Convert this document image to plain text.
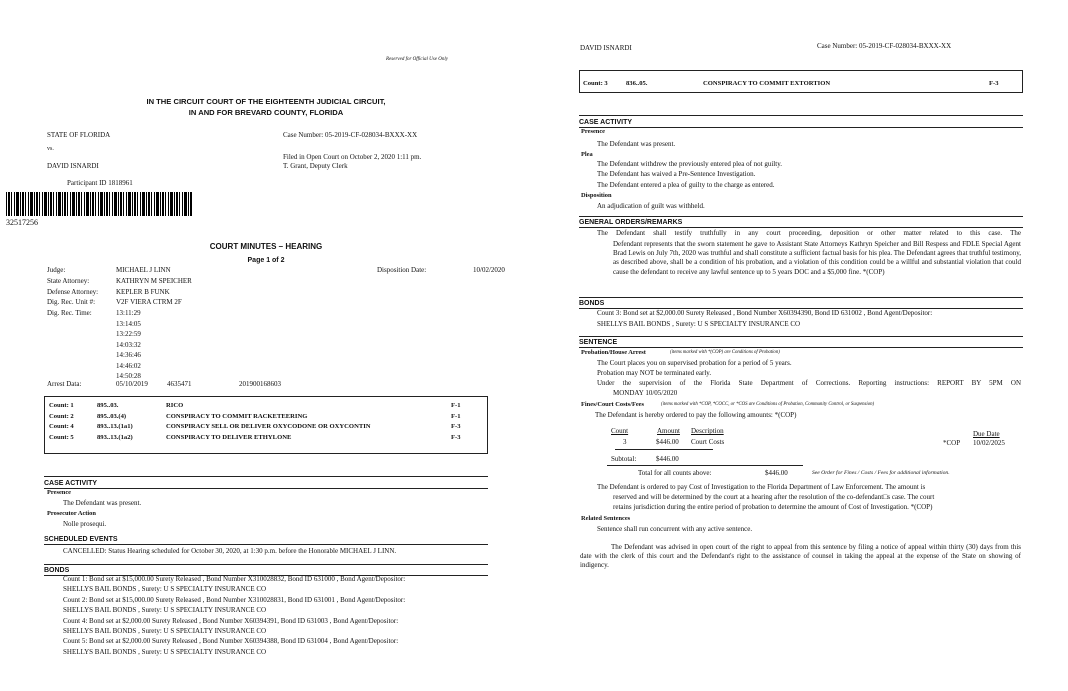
Reserved for Official Use Only
IN THE CIRCUIT COURT OF THE EIGHTEENTH JUDICIAL CIRCUIT,
IN AND FOR BREVARD COUNTY, FLORIDA
STATE OF FLORIDA
vs.
DAVID ISNARDI
Participant ID 1818961
Case Number: 05-2019-CF-028034-BXXX-XX
Filed in Open Court on October 2, 2020 1:11 pm.
T. Grant, Deputy Clerk
32517256
COURT MINUTES – HEARING
Page 1 of 2
Judge:	MICHAEL J LINN	Disposition Date:	10/02/2020
State Attorney:	KATHRYN M SPEICHER
Defense Attorney:	KEPLER B FUNK
Dig. Rec. Unit #:	V2F VIERA CTRM 2F
Dig. Rec. Time:	13:11:29
13:14:05
13:22:59
14:03:32
14:36:46
14:46:02
14:50:28
Arrest Data:	05/10/2019	4635471	201900168603
Count: 1	895..03.	RICO	F-1
Count: 2	895..03.(4)	CONSPIRACY TO COMMIT RACKETEERING	F-1
Count: 4	893..13.(1a1)	CONSPIRACY SELL OR DELIVER OXYCODONE OR OXYCONTIN	F-3
Count: 5	893..13.(1a2)	CONSPIRACY TO DELIVER ETHYLONE	F-3
CASE ACTIVITY
Presence
The Defendant was present.
Prosecutor Action
Nolle prosequi.
SCHEDULED EVENTS
CANCELLED: Status Hearing scheduled for October 30, 2020, at 1:30 p.m. before the Honorable MICHAEL J LINN.
BONDS
Count 1: Bond set at $15,000.00 Surety Released , Bond Number X310028832, Bond ID 631000 , Bond Agent/Depositor:
SHELLYS BAIL BONDS , Surety: U S SPECIALTY INSURANCE CO
Count 2: Bond set at $15,000.00 Surety Released , Bond Number X310028831, Bond ID 631001 , Bond Agent/Depositor:
SHELLYS BAIL BONDS , Surety: U S SPECIALTY INSURANCE CO
Count 4: Bond set at $2,000.00 Surety Released , Bond Number X60394391, Bond ID 631003 , Bond Agent/Depositor:
SHELLYS BAIL BONDS , Surety: U S SPECIALTY INSURANCE CO
Count 5: Bond set at $2,000.00 Surety Released , Bond Number X60394388, Bond ID 631004 , Bond Agent/Depositor:
SHELLYS BAIL BONDS , Surety: U S SPECIALTY INSURANCE CO
DAVID ISNARDI	Case Number: 05-2019-CF-028034-BXXX-XX
Count: 3	836..05.	CONSPIRACY TO COMMIT EXTORTION	F-3
CASE ACTIVITY
Presence
The Defendant was present.
Plea
The Defendant withdrew the previously entered plea of not guilty.
The Defendant has waived a Pre-Sentence Investigation.
The Defendant entered a plea of guilty to the charge as entered.
Disposition
An adjudication of guilt was withheld.
GENERAL ORDERS/REMARKS
The Defendant shall testify truthfully in any court proceeding, deposition or other matter related to this case. The
Defendant represents that the sworn statement he gave to Assistant State Attorneys Kathryn Speicher and Bill Respess and FDLE Special Agent Brad Lewis on July 7th, 2020 was truthful and shall constitute a sufficient factual basis for his plea. The Defendant agrees that truthful testimony, as described above, shall be a condition of his probation, and a violation of this condition could be a willful and substantial violation that could cause the defendant to receive any lawful sentence up to 5 years DOC and a $5,000 fine. *(COP)
BONDS
Count 3: Bond set at $2,000.00 Surety Released , Bond Number X60394390, Bond ID 631002 , Bond Agent/Depositor:
SHELLYS BAIL BONDS , Surety: U S SPECIALTY INSURANCE CO
SENTENCE
Probation/House Arrest	(items marked with *(COP) are Conditions of Probation)
The Court places you on supervised probation for a period of 5 years.
Probation may NOT be terminated early.
Under the supervision of the Florida State Department of Corrections. Reporting instructions: REPORT BY 5PM ON
MONDAY 10/05/2020
Fines/Court Costs/Fees	(items marked with *COP, *COCC, or *COS are Conditions of Probation, Community Control, or Suspension)
The Defendant is hereby ordered to pay the following amounts: *(COP)
Count	Amount Description	Due Date
3	$446.00 Court Costs	*COP 10/02/2025
Subtotal:	$446.00
Total for all counts above:	$446.00	See Order for Fines / Costs / Fees for additional information.
The Defendant is ordered to pay Cost of Investigation to the Florida Department of Law Enforcement. The amount is
reserved and will be determined by the court at a hearing after the resolution of the co-defendant□s case. The court
retains jurisdiction during the entire period of probation to determine the amount of Cost of Investigation. *(COP)
Related Sentences
Sentence shall run concurrent with any active sentence.
The Defendant was advised in open court of the right to appeal from this sentence by filing a notice of appeal within thirty (30) days from this date with the clerk of this court and the Defendant's right to the assistance of counsel in taking the appeal at the expense of the State on showing of indigency.
